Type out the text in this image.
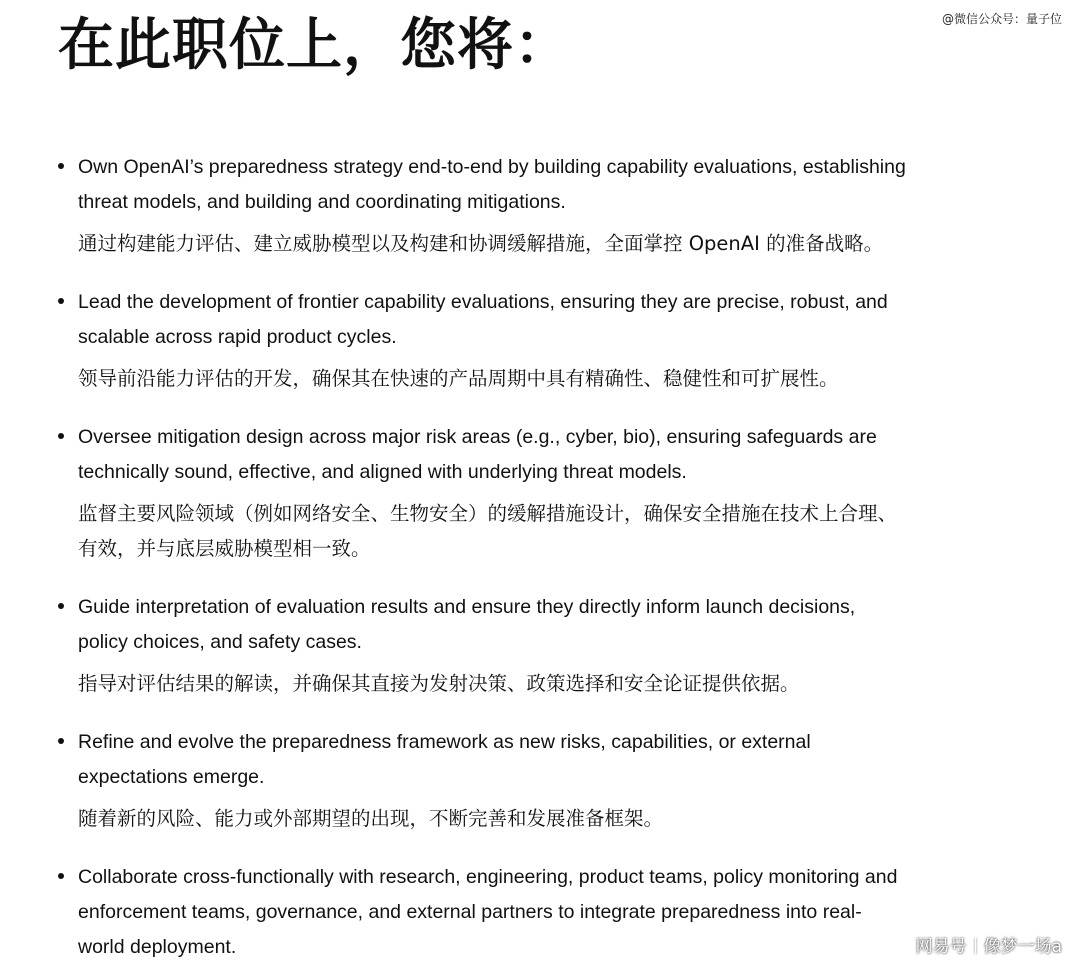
@微信公众号：量子位
在此职位上，您将：

Own OpenAI’s preparedness strategy end-to-end by building capability evaluations, establishing threat models, and building and coordinating mitigations.

通过构建能力评估、建立威胁模型以及构建和协调缓解措施，全面掌控 OpenAI 的准备战略。

Lead the development of frontier capability evaluations, ensuring they are precise, robust, and scalable across rapid product cycles.

领导前沿能力评估的开发，确保其在快速的产品周期中具有精确性、稳健性和可扩展性。

Oversee mitigation design across major risk areas (e.g., cyber, bio), ensuring safeguards are technically sound, effective, and aligned with underlying threat models.

监督主要风险领域（例如网络安全、生物安全）的缓解措施设计，确保安全措施在技术上合理、有效，并与底层威胁模型相一致。

Guide interpretation of evaluation results and ensure they directly inform launch decisions, policy choices, and safety cases.

指导对评估结果的解读，并确保其直接为发射决策、政策选择和安全论证提供依据。

Refine and evolve the preparedness framework as new risks, capabilities, or external expectations emerge.

随着新的风险、能力或外部期望的出现，不断完善和发展准备框架。

Collaborate cross-functionally with research, engineering, product teams, policy monitoring and enforcement teams, governance, and external partners to integrate preparedness into real-world deployment.	网易号 像梦一场a
